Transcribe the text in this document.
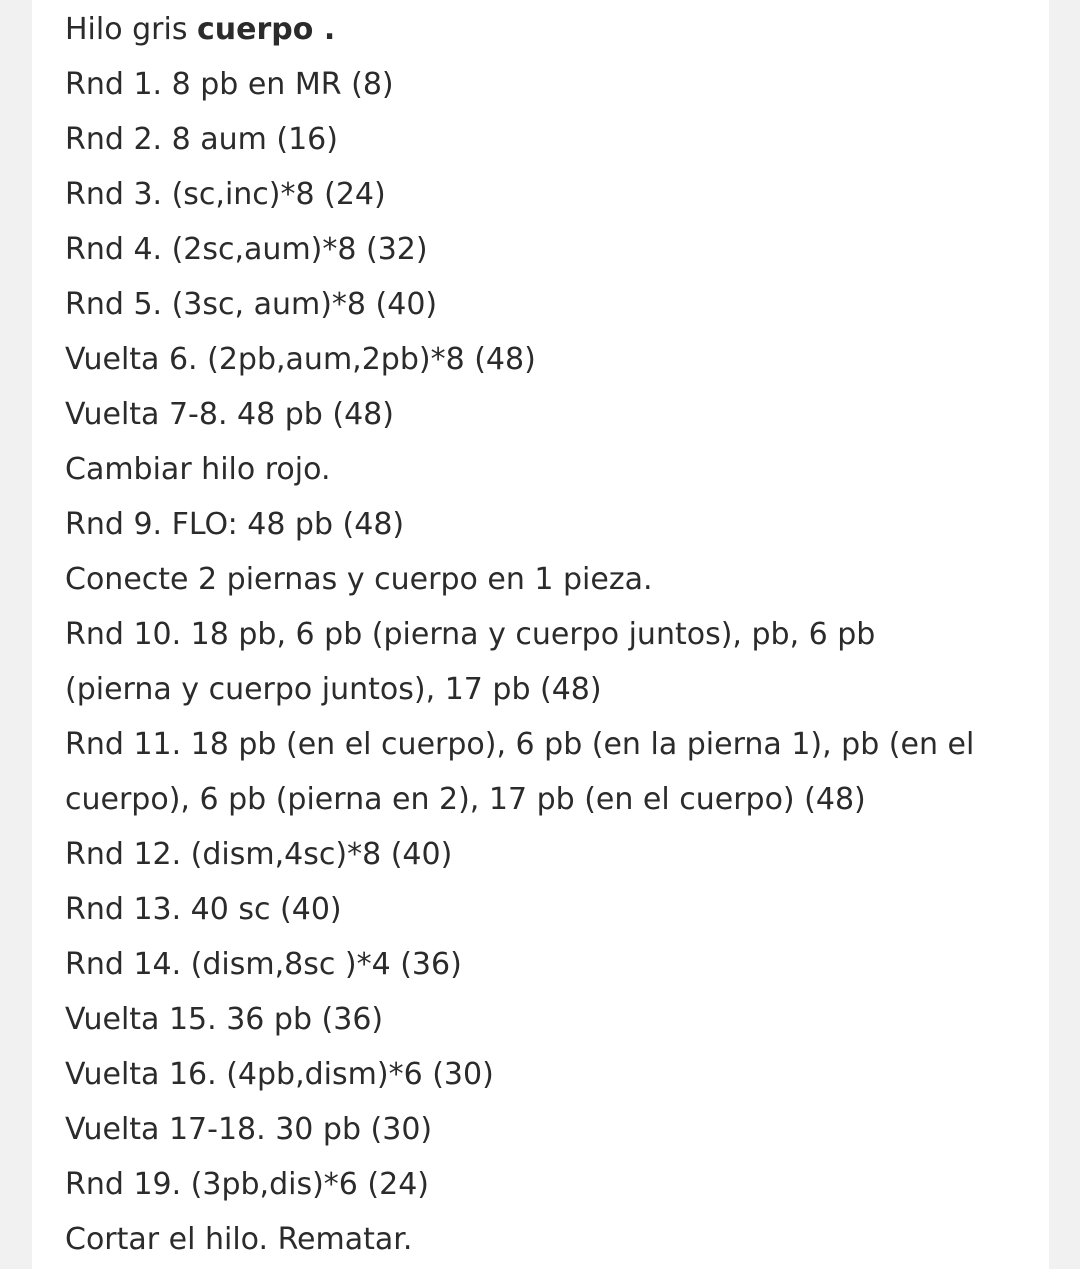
Hilo gris cuerpo .
Rnd 1. 8 pb en MR (8)
Rnd 2. 8 aum (16)
Rnd 3. (sc,inc)*8 (24)
Rnd 4. (2sc,aum)*8 (32)
Rnd 5. (3sc, aum)*8 (40)
Vuelta 6. (2pb,aum,2pb)*8 (48)
Vuelta 7-8. 48 pb (48)
Cambiar hilo rojo.
Rnd 9. FLO: 48 pb (48)
Conecte 2 piernas y cuerpo en 1 pieza.
Rnd 10. 18 pb, 6 pb (pierna y cuerpo juntos), pb, 6 pb
(pierna y cuerpo juntos), 17 pb (48)
Rnd 11. 18 pb (en el cuerpo), 6 pb (en la pierna 1), pb (en el
cuerpo), 6 pb (pierna en 2), 17 pb (en el cuerpo) (48)
Rnd 12. (dism,4sc)*8 (40)
Rnd 13. 40 sc (40)
Rnd 14. (dism,8sc )*4 (36)
Vuelta 15. 36 pb (36)
Vuelta 16. (4pb,dism)*6 (30)
Vuelta 17-18. 30 pb (30)
Rnd 19. (3pb,dis)*6 (24)
Cortar el hilo. Rematar.
